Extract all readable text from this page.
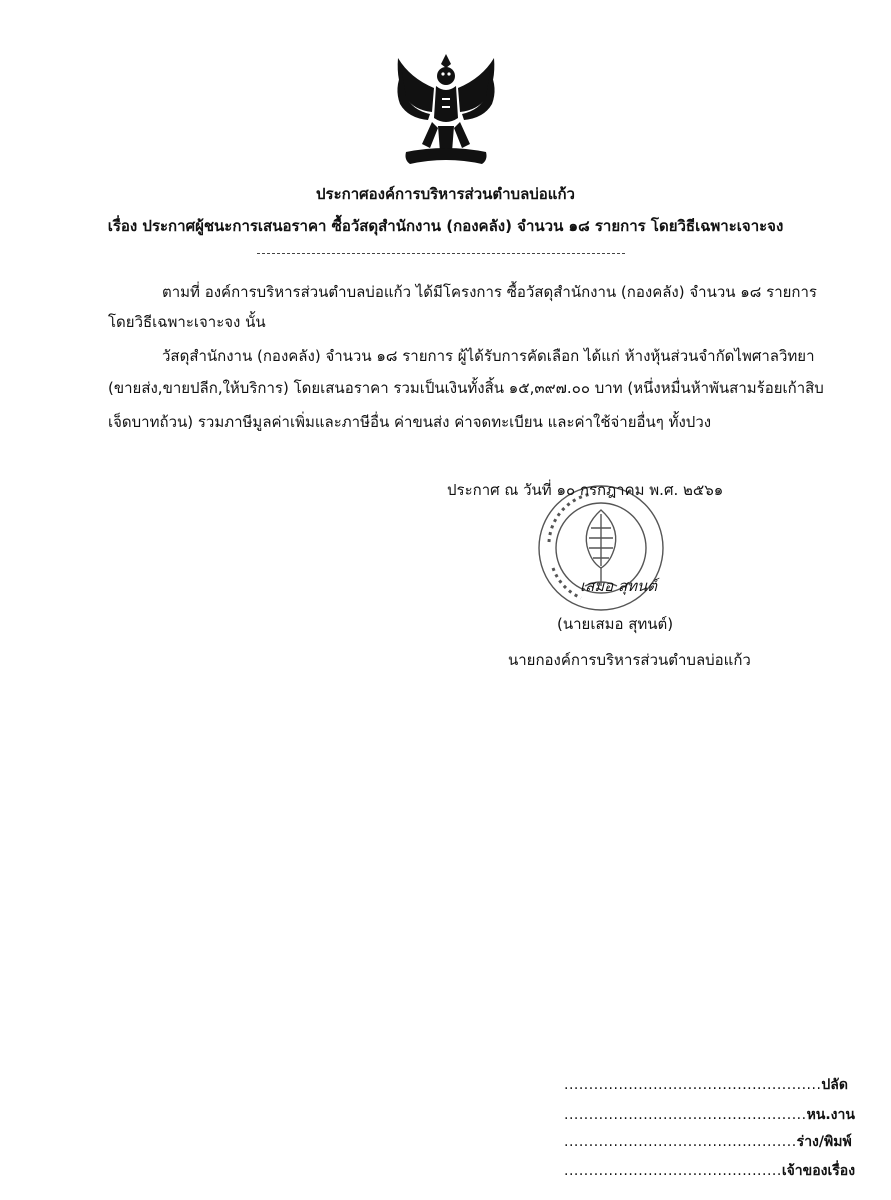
ประกาศองค์การบริหารส่วนตำบลบ่อแก้ว
เรื่อง ประกาศผู้ชนะการเสนอราคา ซื้อวัสดุสำนักงาน (กองคลัง) จำนวน ๑๘ รายการ โดยวิธีเฉพาะเจาะจง
ตามที่ องค์การบริหารส่วนตำบลบ่อแก้ว ได้มีโครงการ ซื้อวัสดุสำนักงาน (กองคลัง) จำนวน ๑๘ รายการ
โดยวิธีเฉพาะเจาะจง นั้น
วัสดุสำนักงาน (กองคลัง) จำนวน ๑๘ รายการ ผู้ได้รับการคัดเลือก ได้แก่ ห้างหุ้นส่วนจำกัดไพศาลวิทยา
(ขายส่ง,ขายปลีก,ให้บริการ) โดยเสนอราคา รวมเป็นเงินทั้งสิ้น ๑๕,๓๙๗.๐๐ บาท (หนึ่งหมื่นห้าพันสามร้อยเก้าสิบ
เจ็ดบาทถ้วน) รวมภาษีมูลค่าเพิ่มและภาษีอื่น ค่าขนส่ง ค่าจดทะเบียน และค่าใช้จ่ายอื่นๆ ทั้งปวง
ประกาศ ณ วันที่ ๑๐ กรกฎาคม พ.ศ. ๒๕๖๑
เสมอ สุทนต์
(นายเสมอ สุทนต์)
นายกองค์การบริหารส่วนตำบลบ่อแก้ว
....................................................ปลัด
.................................................หน.งาน
...............................................ร่าง/พิมพ์
............................................เจ้าของเรื่อง
